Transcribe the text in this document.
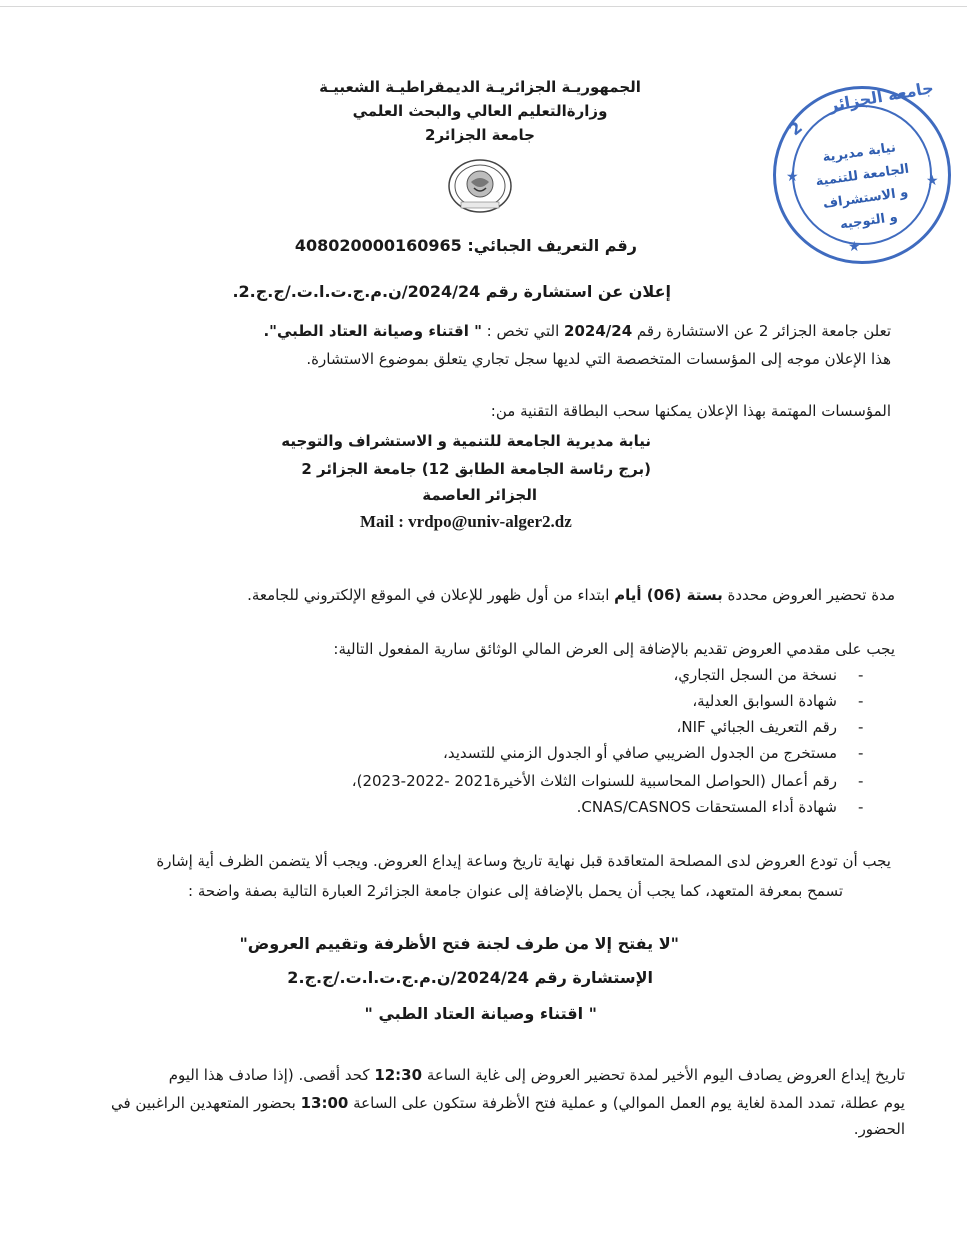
الجمهوريـة الجزائريـة الديمقراطيـة الشعبيـة
وزارةالتعليم العالي والبحث العلمي
جامعة الجزائر2
جامعة الجزائر
2
★	★
★
نيابة مديرية
الجامعة للتنمية
و الاستشراف
و التوجيه
رقم التعريف الجبائي: 408020000160965
إعلان عن استشارة رقم 2024/24/ن.م.ج.ت.ا.ت./ج.ج.2.
تعلن جامعة الجزائر 2 عن الاستشارة رقم 2024/24 التي تخص : " اقتناء وصيانة العتاد الطبي".
هذا الإعلان موجه إلى المؤسسات المتخصصة التي لديها سجل تجاري يتعلق بموضوع الاستشارة.
المؤسسات المهتمة بهذا الإعلان يمكنها سحب البطاقة التقنية من:
نيابة مديرية الجامعة للتنمية و الاستشراف والتوجيه
(برج رئاسة الجامعة الطابق 12) جامعة الجزائر 2
الجزائر العاصمة
Mail : vrdpo@univ-alger2.dz
مدة تحضير العروض محددة بستة (06) أيام ابتداء من أول ظهور للإعلان في الموقع الإلكتروني للجامعة.
يجب على مقدمي العروض تقديم بالإضافة إلى العرض المالي الوثائق سارية المفعول التالية:
-
نسخة من السجل التجاري،
-
شهادة السوابق العدلية،
-
رقم التعريف الجبائي NIF،
-
مستخرج من الجدول الضريبي صافي أو الجدول الزمني للتسديد،
-
رقم أعمال (الحواصل المحاسبية للسنوات الثلاث الأخيرة2021 -2022-2023)،
-
شهادة أداء المستحقات CNAS/CASNOS.
يجب أن تودع العروض لدى المصلحة المتعاقدة قبل نهاية تاريخ وساعة إيداع العروض. ويجب ألا يتضمن الظرف أية إشارة
تسمح بمعرفة المتعهد، كما يجب أن يحمل بالإضافة إلى عنوان جامعة الجزائر2 العبارة التالية بصفة واضحة :
"لا يفتح إلا من طرف لجنة فتح الأظرفة وتقييم العروض"
الإستشارة رقم 2024/24/ن.م.ج.ت.ا.ت./ج.ج.2
" اقتناء وصيانة العتاد الطبي "
تاريخ إيداع العروض يصادف اليوم الأخير لمدة تحضير العروض إلى غاية الساعة 12:30 كحد أقصى. (إذا صادف هذا اليوم
يوم عطلة، تمدد المدة لغاية يوم العمل الموالي) و عملية فتح الأظرفة ستكون على الساعة 13:00 بحضور المتعهدين الراغبين في
الحضور.
